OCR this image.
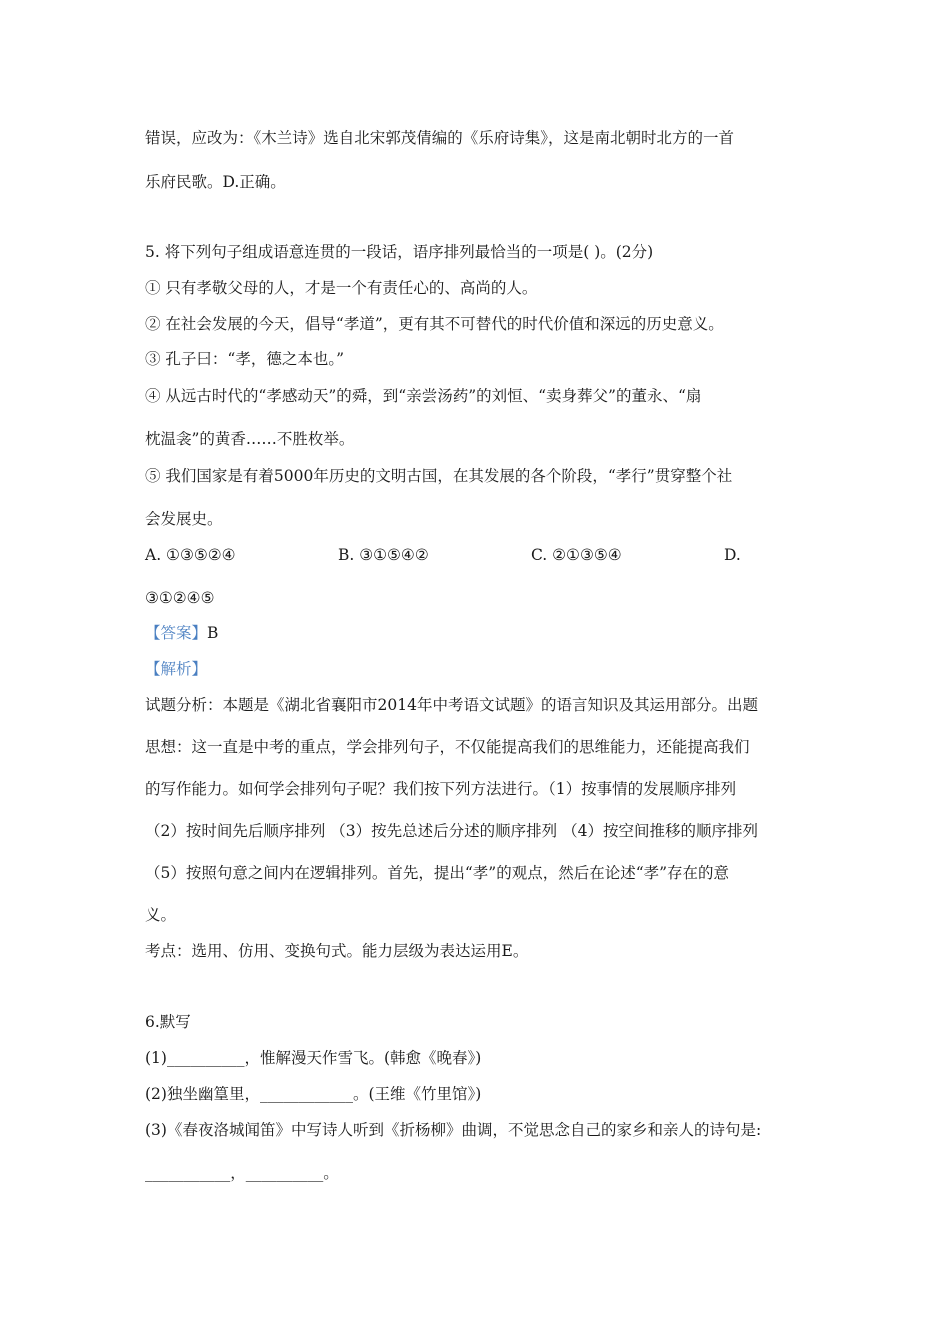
错误，应改为：《木兰诗》选自北宋郭茂倩编的《乐府诗集》，这是南北朝时北方的一首
乐府民歌。D.正确。
5. 将下列句子组成语意连贯的一段话，语序排列最恰当的一项是( )。(2分)
① 只有孝敬父母的人，才是一个有责任心的、高尚的人。
② 在社会发展的今天，倡导“孝道”，更有其不可替代的时代价值和深远的历史意义。
③ 孔子曰：“孝，德之本也。”
④ 从远古时代的“孝感动天”的舜，到“亲尝汤药”的刘恒、“卖身葬父”的董永、“扇
枕温衾”的黄香……不胜枚举。
⑤ 我们国家是有着5000年历史的文明古国，在其发展的各个阶段，“孝行”贯穿整个社
会发展史。
A. ①③⑤②④	B. ③①⑤④②	C. ②①③⑤④	D.
③①②④⑤
【答案】B
【解析】
试题分析：本题是《湖北省襄阳市2014年中考语文试题》的语言知识及其运用部分。出题
思想：这一直是中考的重点，学会排列句子，不仅能提高我们的思维能力，还能提高我们
的写作能力。如何学会排列句子呢？我们按下列方法进行。（1）按事情的发展顺序排列
（2）按时间先后顺序排列 （3）按先总述后分述的顺序排列 （4）按空间推移的顺序排列
（5）按照句意之间内在逻辑排列。首先，提出“孝”的观点，然后在论述“孝”存在的意
义。
考点：选用、仿用、变换句式。能力层级为表达运用E。
6.默写
(1)__________，惟解漫天作雪飞。(韩愈《晚春》)
(2)独坐幽篁里，____________。(王维《竹里馆》)
(3)《春夜洛城闻笛》中写诗人听到《折杨柳》曲调，不觉思念自己的家乡和亲人的诗句是:
___________，__________。
